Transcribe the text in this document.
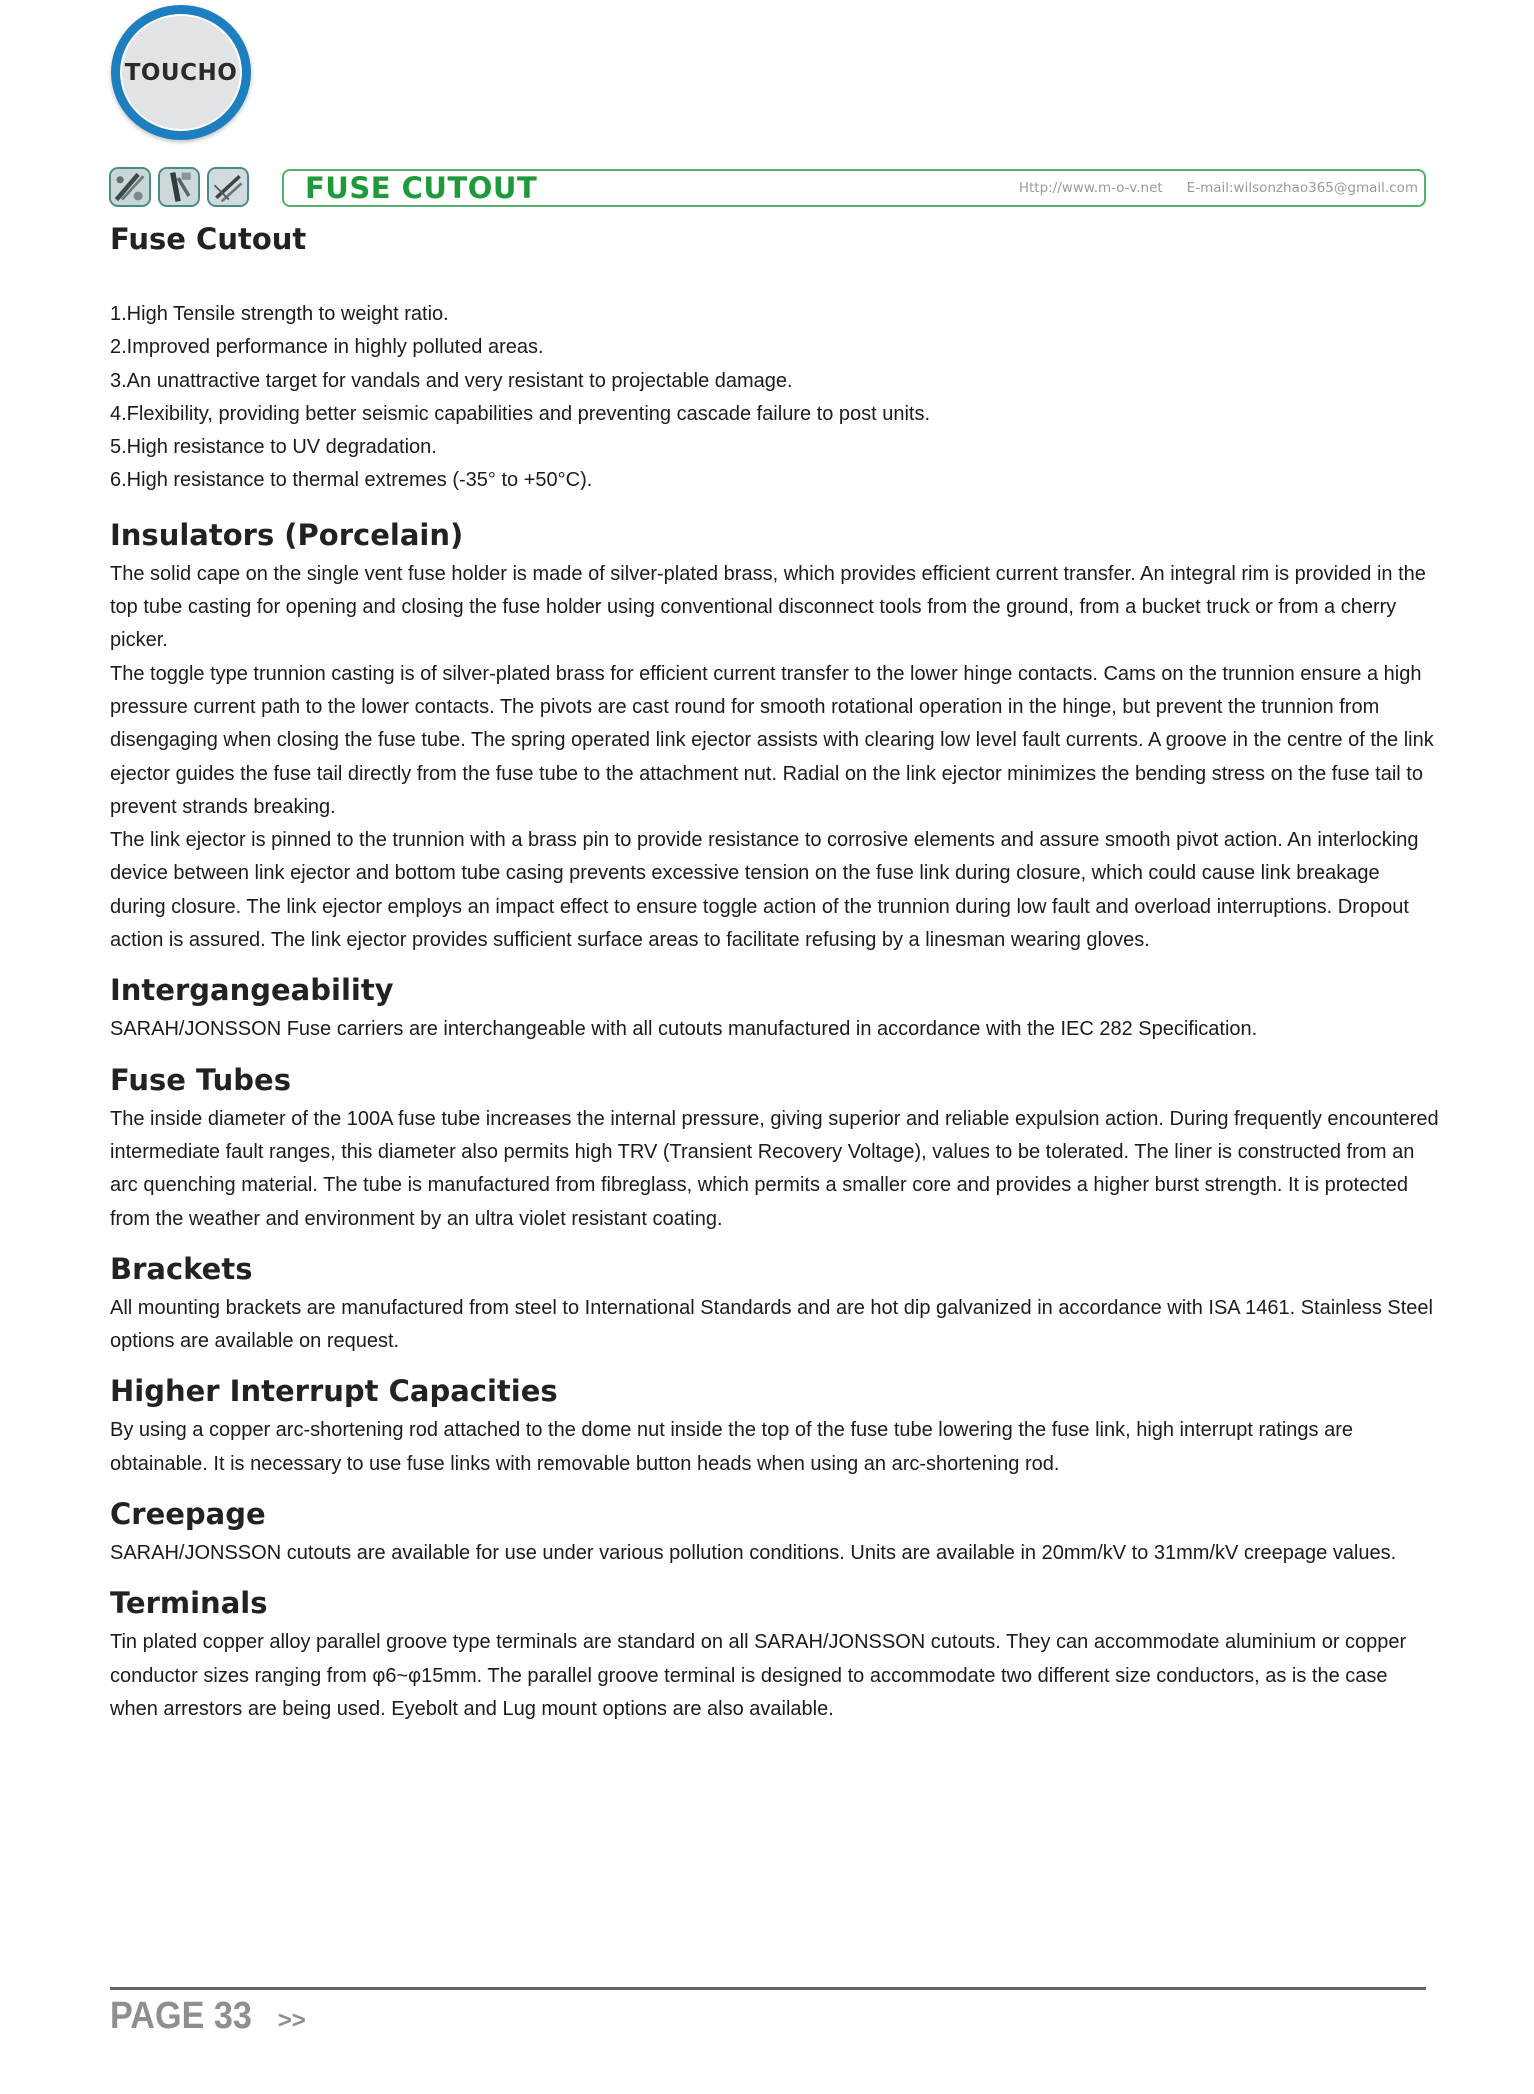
TOUCHO
FUSE CUTOUT	Http://www.m-o-v.net E-mail:wilsonzhao365@gmail.com
Fuse Cutout
1.High Tensile strength to weight ratio.
2.Improved performance in highly polluted areas.
3.An unattractive target for vandals and very resistant to projectable damage.
4.Flexibility, providing better seismic capabilities and preventing cascade failure to post units.
5.High resistance to UV degradation.
6.High resistance to thermal extremes (-35° to +50°C).
Insulators (Porcelain)

The solid cape on the single vent fuse holder is made of silver-plated brass, which provides efficient current transfer. An integral rim is provided in the top tube casting for opening and closing the fuse holder using conventional disconnect tools from the ground, from a bucket truck or from a cherry picker.

The toggle type trunnion casting is of silver-plated brass for efficient current transfer to the lower hinge contacts. Cams on the trunnion ensure a high pressure current path to the lower contacts. The pivots are cast round for smooth rotational operation in the hinge, but prevent the trunnion from disengaging when closing the fuse tube. The spring operated link ejector assists with clearing low level fault currents. A groove in the centre of the link ejector guides the fuse tail directly from the fuse tube to the attachment nut. Radial on the link ejector minimizes the bending stress on the fuse tail to prevent strands breaking.

The link ejector is pinned to the trunnion with a brass pin to provide resistance to corrosive elements and assure smooth pivot action. An interlocking device between link ejector and bottom tube casing prevents excessive tension on the fuse link during closure, which could cause link breakage during closure. The link ejector employs an impact effect to ensure toggle action of the trunnion during low fault and overload interruptions. Dropout action is assured. The link ejector provides sufficient surface areas to facilitate refusing by a linesman wearing gloves.

Intergangeability

SARAH/JONSSON Fuse carriers are interchangeable with all cutouts manufactured in accordance with the IEC 282 Specification.

Fuse Tubes

The inside diameter of the 100A fuse tube increases the internal pressure, giving superior and reliable expulsion action. During frequently encountered intermediate fault ranges, this diameter also permits high TRV (Transient Recovery Voltage), values to be tolerated. The liner is constructed from an arc quenching material. The tube is manufactured from fibreglass, which permits a smaller core and provides a higher burst strength. It is protected from the weather and environment by an ultra violet resistant coating.

Brackets

All mounting brackets are manufactured from steel to International Standards and are hot dip galvanized in accordance with ISA 1461. Stainless Steel options are available on request.

Higher Interrupt Capacities

By using a copper arc-shortening rod attached to the dome nut inside the top of the fuse tube lowering the fuse link, high interrupt ratings are obtainable. It is necessary to use fuse links with removable button heads when using an arc-shortening rod.

Creepage

SARAH/JONSSON cutouts are available for use under various pollution conditions. Units are available in 20mm/kV to 31mm/kV creepage values.

Terminals

Tin plated copper alloy parallel groove type terminals are standard on all SARAH/JONSSON cutouts. They can accommodate aluminium or copper conductor sizes ranging from φ6~φ15mm. The parallel groove terminal is designed to accommodate two different size conductors, as is the case when arrestors are being used. Eyebolt and Lug mount options are also available.

PAGE 33 >>
